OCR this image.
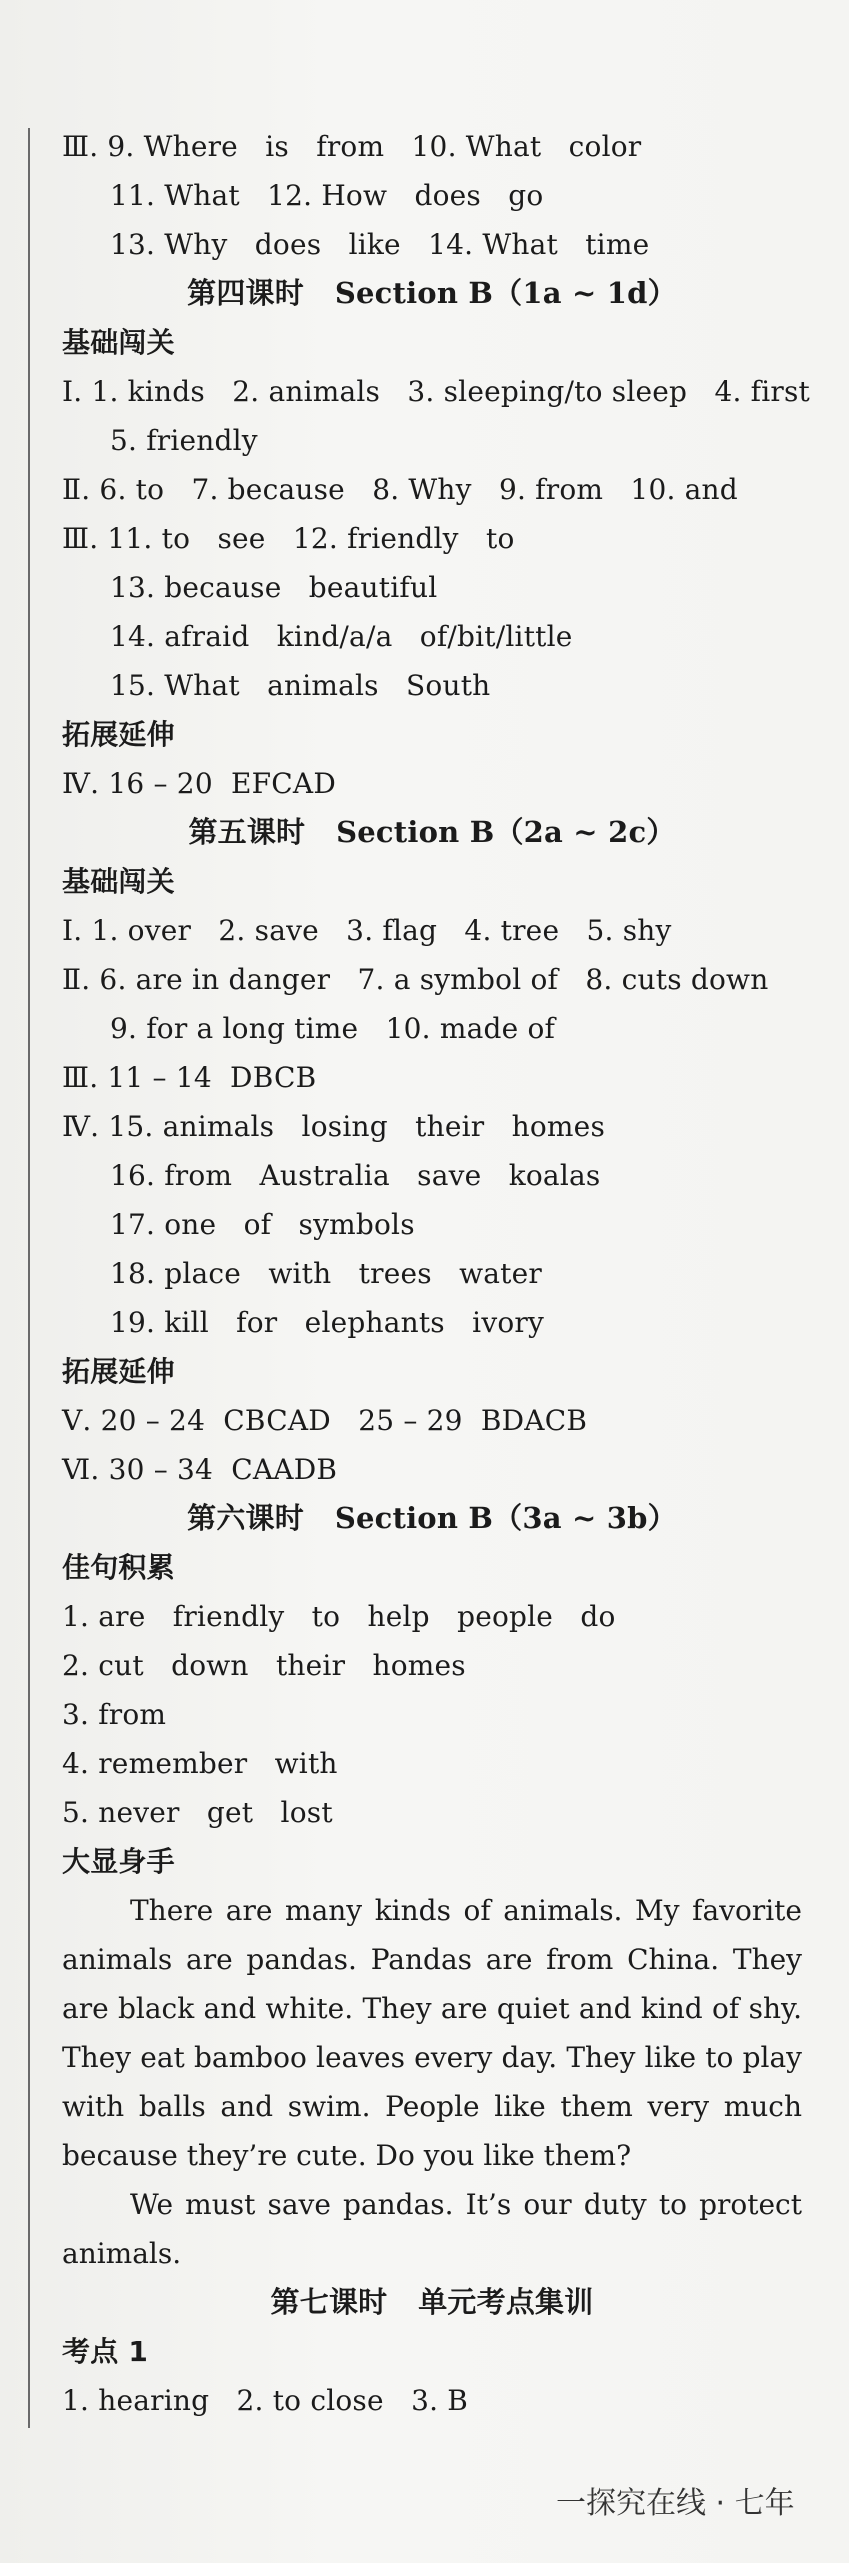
Ⅲ. 9. Where   is   from   10. What   color
11. What   12. How   does   go
13. Why   does   like   14. What   time
第四课时   Section B（1a ~ 1d）
基础闯关
Ⅰ. 1. kinds   2. animals   3. sleeping/to sleep   4. first
5. friendly
Ⅱ. 6. to   7. because   8. Why   9. from   10. and
Ⅲ. 11. to   see   12. friendly   to
13. because   beautiful
14. afraid   kind/a/a   of/bit/little
15. What   animals   South
拓展延伸
Ⅳ. 16 – 20  EFCAD
第五课时   Section B（2a ~ 2c）
基础闯关
Ⅰ. 1. over   2. save   3. flag   4. tree   5. shy
Ⅱ. 6. are in danger   7. a symbol of   8. cuts down
9. for a long time   10. made of
Ⅲ. 11 – 14  DBCB
Ⅳ. 15. animals   losing   their   homes
16. from   Australia   save   koalas
17. one   of   symbols
18. place   with   trees   water
19. kill   for   elephants   ivory
拓展延伸
Ⅴ. 20 – 24  CBCAD   25 – 29  BDACB
Ⅵ. 30 – 34  CAADB
第六课时   Section B（3a ~ 3b）
佳句积累
1. are   friendly   to   help   people   do
2. cut   down   their   homes
3. from
4. remember   with
5. never   get   lost
大显身手

There are many kinds of animals. My favorite animals are pandas. Pandas are from China. They are black and white. They are quiet and kind of shy. They eat bamboo leaves every day. They like to play with balls and swim. People like them very much because they’re cute. Do you like them?

We must save pandas. It’s our duty to protect animals.

第七课时   单元考点集训
考点 1
1. hearing   2. to close   3. B
一探究在线 · 七年
